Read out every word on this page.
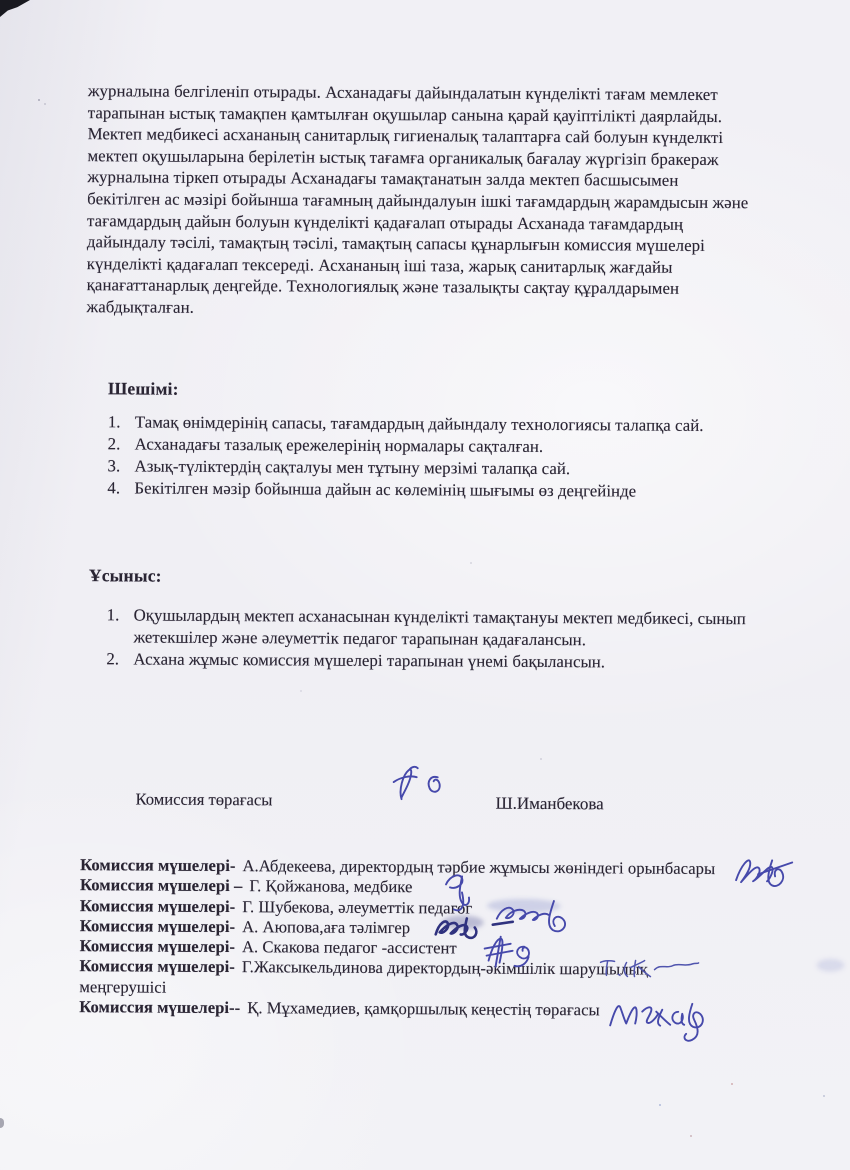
журналына белгіленіп отырады. Асханадағы дайындалатын күнделікті тағам мемлекет
тарапынан ыстық тамақпен қамтылған оқушылар санына қарай қауіптілікті даярлайды.
Мектеп медбикесі асхананың санитарлық гигиеналық талаптарға сай болуын күнделкті
мектеп оқушыларына берілетін ыстық тағамға органикалық бағалау жүргізіп бракераж
журналына тіркеп отырады Асханадағы тамақтанатын залда мектеп басшысымен
бекітілген ас мәзірі бойынша тағамның дайындалуын ішкі тағамдардың жарамдысын және
тағамдардың дайын болуын күнделікті қадағалап отырады Асханада тағамдардың
дайындалу тәсілі, тамақтың тәсілі, тамақтың сапасы құнарлығын комиссия мүшелері
күнделікті қадағалап тексереді. Асхананың іші таза, жарық санитарлық жағдайы
қанағаттанарлық деңгейде. Технологиялық және тазалықты сақтау құралдарымен
жабдықталған.
Шешімі:
1. Тамақ өнімдерінің сапасы, тағамдардың дайындалу технологиясы талапқа сай.
2. Асханадағы тазалық ережелерінің нормалары сақталған.
3. Азық-түліктердің сақталуы мен тұтыну мерзімі талапқа сай.
4. Бекітілген мәзір бойынша дайын ас көлемінің шығымы өз деңгейінде
Ұсыныс:
1. Оқушылардың мектеп асханасынан күнделікті тамақтануы мектеп медбикесі, сынып
жетекшілер және әлеуметтік педагог тарапынан қадағалансын.
2. Асхана жұмыс комиссия мүшелері тарапынан үнемі бақылансын.
Комиссия төрағасы	Ш.Иманбекова
Комиссия мүшелері- А.Абдекеева, директордың тәрбие жұмысы жөніндегі орынбасары
Комиссия мүшелері – Г. Қойжанова, медбике
Комиссия мүшелері- Г. Шубекова, әлеуметтік педагог
Комиссия мүшелері- А. Аюпова,аға тәлімгер
Комиссия мүшелері- А. Скакова педагог -ассистент
Комиссия мүшелері- Г.Жаксыкельдинова директордың-әкімшілік шарушылық
меңгерушісі
Комиссия мүшелері-- Қ. Мұхамедиев, қамқоршылық кеңестің төрағасы
